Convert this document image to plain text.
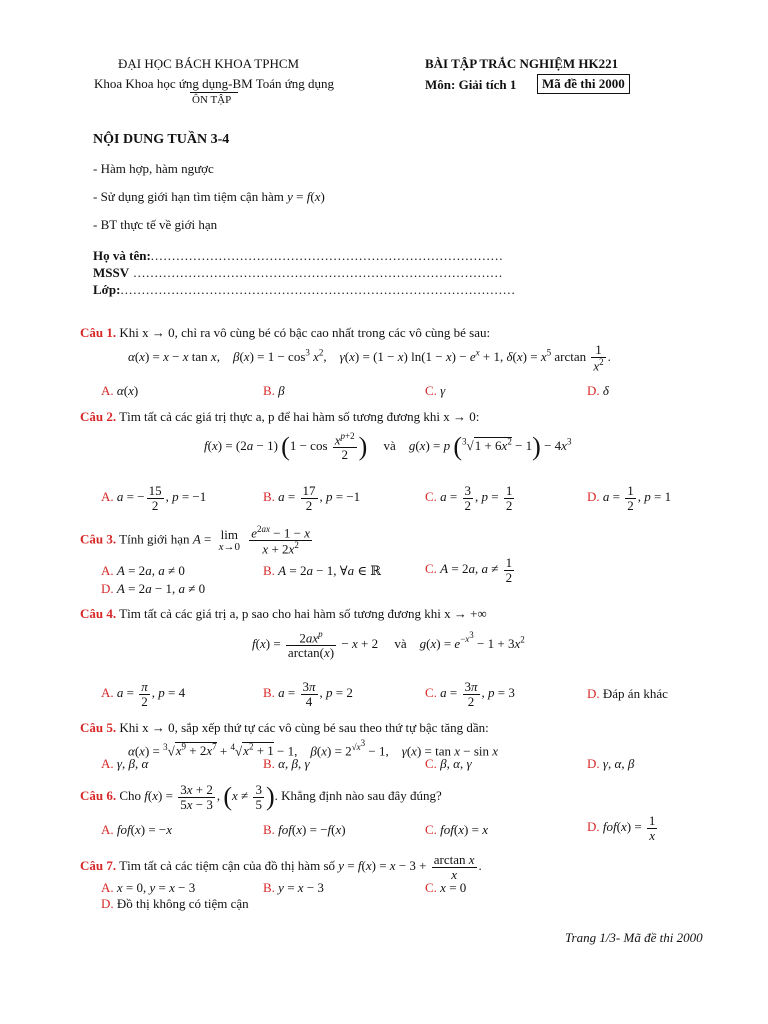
ĐẠI HỌC BÁCH KHOA TPHCM
Khoa Khoa học ứng dụng-BM Toán ứng dụng
ÔN TẬP
BÀI TẬP TRẮC NGHIỆM HK221
Môn: Giải tích 1	Mã đề thi 2000
NỘI DUNG TUẦN 3-4
- Hàm hợp, hàm ngược
- Sử dụng giới hạn tìm tiệm cận hàm y = f(x)
- BT thực tế về giới hạn
Họ và tên:...................................................................................
MSSV .......................................................................................
Lớp:.............................................................................................
Câu 1. Khi x → 0, chỉ ra vô cùng bé có bậc cao nhất trong các vô cùng bé sau:
α(x) = x − x tan x,    $\beta(x) = 1 - \cos^3 x^2$,    γ(x) = (1 − x) $\ln(1 - x) - e^x + 1$, $\delta(x) = x^5$ $\arctan \frac{1}{x^2}$ .
A. α(x)	B. β	C. γ	D. δ
Câu 2. Tìm tất cả các giá trị thực a, p để hai hàm số tương đương khi x → 0:
f(x) = (2a − 1) ($1 - \cos \frac{x^{p+2}}{2}$ )     và    g(x) = p $(^3√1 + 6x^2 - 1) - 4x^3$
A. a = − $\frac{15}{2}$ , p = −1	B. $a = \frac{17}{2}$ , p = −1	C. $a = \frac{3}{2}$ , $p = \frac{1}{2}$	D. $a = \frac{1}{2}$ , p = 1
Câu 3. Tính giới hạn A = lim
x→0
$\frac{e^{2ax} - 1 - x}{x + 2x^2}$
A. A = 2a, a ≠ 0	B. A = 2a − 1, ∀a ∈ ℝ	C. A = 2a, $a \ne \frac{1}{2}$
D. A = 2a − 1, a ≠ 0
Câu 4. Tìm tất cả các giá trị a, p sao cho hai hàm số tương đương khi x → +∞
$f(x) = \frac{2ax^p}{\arctan(x)} - x + 2$     và    $g(x) = e^{-x^3} - 1 + 3x^2$
A. $a = \frac{\pi}{2}$ , p = 4	B. $a = \frac{3\pi}{4}$ , p = 2	C. $a = \frac{3\pi}{2}$ , p = 3	D. Đáp án khác
Câu 5. Khi x → 0, sắp xếp thứ tự các vô cùng bé sau theo thứ tự bậc tăng dần:
$\alpha(x) = ^3√x^9 + 2x^7 + ^4√x^2 + 1 - 1$,    $\beta(x) = 2^{√x^3} - 1$,    γ(x) = tan x − sin x
A. γ, β, α	B. α, β, γ	C. β, α, γ	D. γ, α, β
Câu 6. Cho $f(x) = \frac{3x + 2}{5x - 3}$ , ($x \ne \frac{3}{5}$ ). Khẳng định nào sau đây đúng?
A. fof(x) = −x	B. fof(x) = −f(x)	C. fof(x) = x	D. $fof(x) = \frac{1}{x}$
Câu 7. Tìm tất cả các tiệm cận của đồ thị hàm số $y = f(x) = x - 3 + \frac{\text{arctan x}}{x}$ .
A. x = 0, y = x − 3	B. y = x − 3	C. x = 0
D. Đồ thị không có tiệm cận
Trang 1/3- Mã đề thi 2000
